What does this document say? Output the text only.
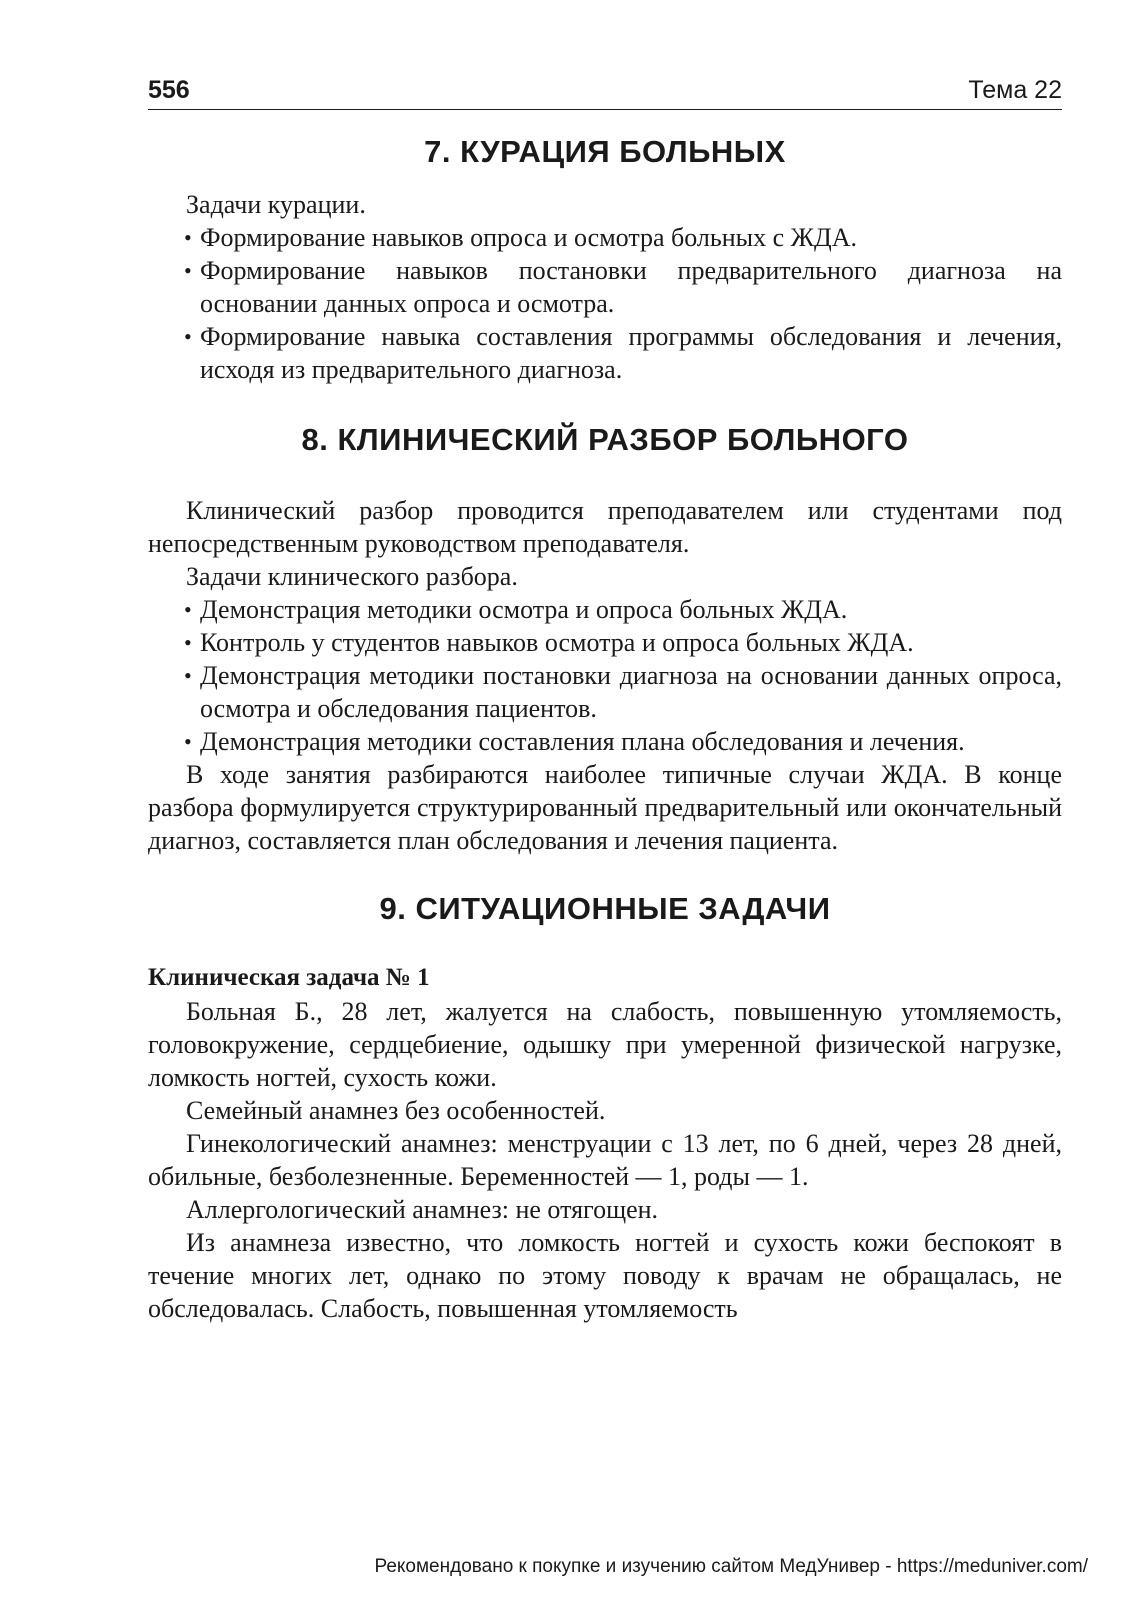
556	Тема 22
7. КУРАЦИЯ БОЛЬНЫХ

Задачи курации.

• Формирование навыков опроса и осмотра больных с ЖДА.
• Формирование навыков постановки предварительного диагноза на основании данных опроса и осмотра.
• Формирование навыка составления программы обследования и лечения, исходя из предварительного диагноза.
8. КЛИНИЧЕСКИЙ РАЗБОР БОЛЬНОГО

Клинический разбор проводится преподавателем или студентами под непосредственным руководством преподавателя.

Задачи клинического разбора.

• Демонстрация методики осмотра и опроса больных ЖДА.
• Контроль у студентов навыков осмотра и опроса больных ЖДА.
• Демонстрация методики постановки диагноза на основании данных опроса, осмотра и обследования пациентов.
• Демонстрация методики составления плана обследования и лечения.

В ходе занятия разбираются наиболее типичные случаи ЖДА. В конце разбора формулируется структурированный предварительный или окончательный диагноз, составляется план обследования и лечения пациента.

9. СИТУАЦИОННЫЕ ЗАДАЧИ
Клиническая задача № 1

Больная Б., 28 лет, жалуется на слабость, повышенную утомляемость, головокружение, сердцебиение, одышку при умеренной физической нагрузке, ломкость ногтей, сухость кожи.

Семейный анамнез без особенностей.

Гинекологический анамнез: менструации с 13 лет, по 6 дней, через 28 дней, обильные, безболезненные. Беременностей — 1, роды — 1.

Аллергологический анамнез: не отягощен.

Из анамнеза известно, что ломкость ногтей и сухость кожи беспокоят в течение многих лет, однако по этому поводу к врачам не обращалась, не обследовалась. Слабость, повышенная утомляемость

Рекомендовано к покупке и изучению сайтом МедУнивер - https://meduniver.com/
